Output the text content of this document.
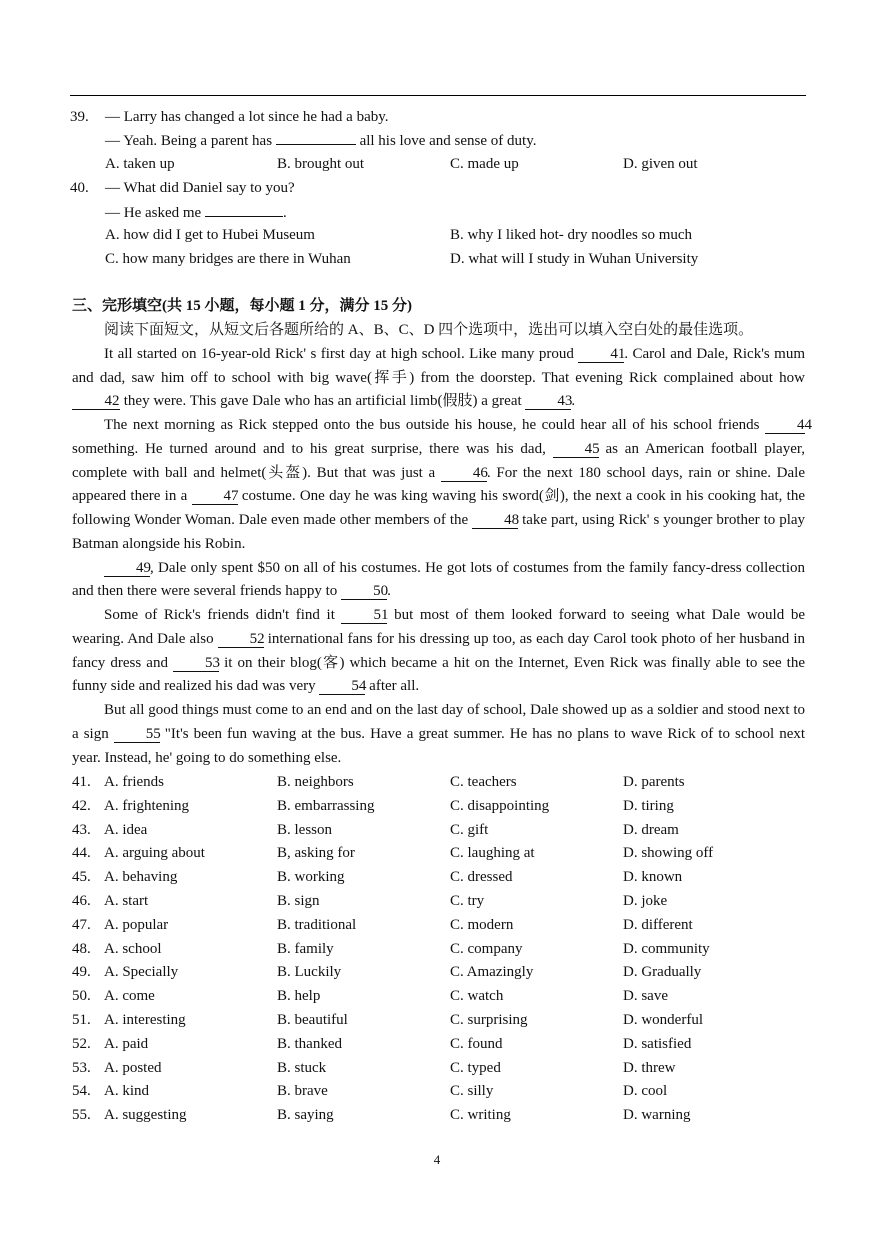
39. — Larry has changed a lot since he had a baby.
— Yeah. Being a parent has	all his love and sense of duty.
A. taken up	B. brought out	C. made up	D. given out
40. — What did Daniel say to you?
— He asked me	.
A. how did I get to Hubei Museum	B. why I liked hot- dry noodles so much
C. how many bridges are there in Wuhan	D. what will I study in Wuhan University
三、完形填空(共 15 小题，每小题 1 分，满分 15 分)

阅读下面短文，从短文后各题所给的 A、B、C、D 四个选项中，选出可以填入空白处的最佳选项。

It all started on 16-year-old Rick' s first day at high school. Like many proud 41. Carol and Dale, Rick's mum and dad, saw him off to school with big wave(挥手) from the doorstep. That evening Rick complained about how 42 they were. This gave Dale who has an artificial limb(假肢) a great 43.

The next morning as Rick stepped onto the bus outside his house, he could hear all of his school friends	44 something. He turned around and to his great surprise, there was his dad,	45 as an American football player, complete with ball and helmet(头盔). But that was just a	46. For the next 180 school days, rain or shine. Dale appeared there in a 47 costume. One day he was king waving his sword(剑), the next a cook in his cooking hat, the following Wonder Woman. Dale even made other members of the 48 take part, using Rick' s younger brother to play Batman alongside his Robin.

49, Dale only spent $50 on all of his costumes. He got lots of costumes from the family fancy-dress collection and then there were several friends happy to 50.

Some of Rick's friends didn't find it	51 but most of them looked forward to seeing what Dale would be wearing. And Dale also 52 international fans for his dressing up too, as each day Carol took photo of her husband in fancy dress and 53 it on their blog(客) which became a hit on the Internet, Even Rick was finally able to see the funny side and realized his dad was very 54 after all.

But all good things must come to an end and on the last day of school, Dale showed up as a soldier and stood next to a sign 55 "It's been fun waving at the bus. Have a great summer. He has no plans to wave Rick of to school next year. Instead, he' going to do something else.

41. A. friends	B. neighbors	C. teachers	D. parents
42. A. frightening	B. embarrassing	C. disappointing	D. tiring
43. A. idea	B. lesson	C. gift	D. dream
44. A. arguing about	B, asking for	C. laughing at	D. showing off
45. A. behaving	B. working	C. dressed	D. known
46. A. start	B. sign	C. try	D. joke
47. A. popular	B. traditional	C. modern	D. different
48. A. school	B. family	C. company	D. community
49. A. Specially	B. Luckily	C. Amazingly	D. Gradually
50. A. come	B. help	C. watch	D. save
51. A. interesting	B. beautiful	C. surprising	D. wonderful
52. A. paid	B. thanked	C. found	D. satisfied
53. A. posted	B. stuck	C. typed	D. threw
54. A. kind	B. brave	C. silly	D. cool
55. A. suggesting	B. saying	C. writing	D. warning
4
